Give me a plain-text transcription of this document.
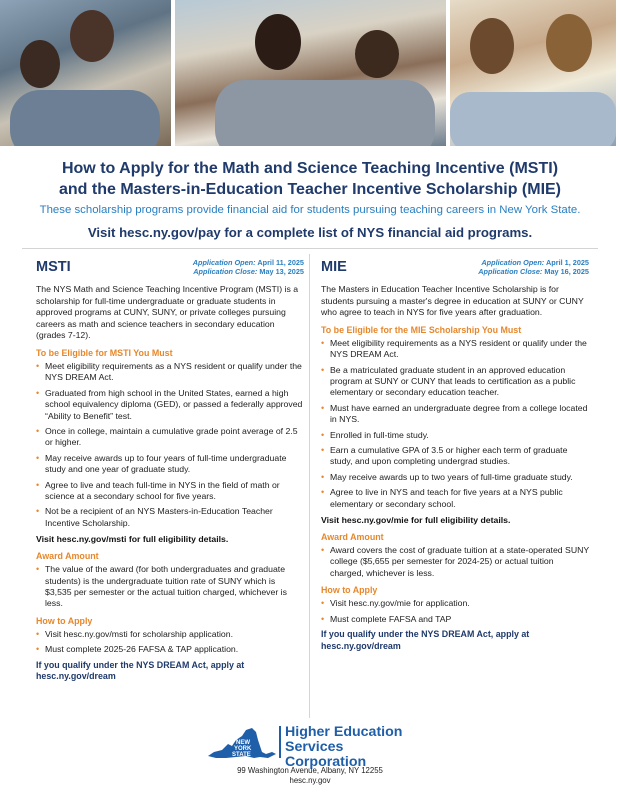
How to Apply for the Math and Science Teaching Incentive (MSTI)
and the Masters-in-Education Teacher Incentive Scholarship (MIE)
These scholarship programs provide financial aid for students pursuing teaching careers in New York State.
Visit hesc.ny.gov/pay for a complete list of NYS financial aid programs.
MSTI	Application Open: April 11, 2025
Application Close: May 13, 2025

The NYS Math and Science Teaching Incentive Program (MSTI) is a scholarship for full-time undergraduate or graduate students in approved programs at CUNY, SUNY, or private colleges pursuing careers as math and science teachers in secondary education (grades 7-12).

To be Eligible for MSTI You Must
• Meet eligibility requirements as a NYS resident or qualify under the NYS DREAM Act.
• Graduated from high school in the United States, earned a high school equivalency diploma (GED), or passed a federally approved “Ability to Benefit” test.
• Once in college, maintain a cumulative grade point average of 2.5 or higher.
• May receive awards up to four years of full-time undergraduate study and one year of graduate study.
• Agree to live and teach full-time in NYS in the field of math or science at a secondary school for five years.
• Not be a recipient of an NYS Masters-in-Education Teacher Incentive Scholarship.
Visit hesc.ny.gov/msti for full eligibility details.
Award Amount
• The value of the award (for both undergraduates and graduate students) is the undergraduate tuition rate of SUNY which is $3,535 per semester or the actual tuition charged, whichever is less.
How to Apply
• Visit hesc.ny.gov/msti for scholarship application.
• Must complete 2025-26 FAFSA & TAP application.
If you qualify under the NYS DREAM Act, apply at hesc.ny.gov/dream
MIE	Application Open: April 1, 2025
Application Close: May 16, 2025

The Masters in Education Teacher Incentive Scholarship is for students pursuing a master's degree in education at SUNY or CUNY who agree to teach in NYS for five years after graduation.

To be Eligible for the MIE Scholarship You Must
• Meet eligibility requirements as a NYS resident or qualify under the NYS DREAM Act.
• Be a matriculated graduate student in an approved education program at SUNY or CUNY that leads to certification as a public elementary or secondary education teacher.
• Must have earned an undergraduate degree from a college located in NYS.
• Enrolled in full-time study.
• Earn a cumulative GPA of 3.5 or higher each term of graduate study, and upon completing undergrad studies.
• May receive awards up to two years of full-time graduate study.
• Agree to live in NYS and teach for five years at a NYS public elementary or secondary school.
Visit hesc.ny.gov/mie for full eligibility details.
Award Amount
• Award covers the cost of graduate tuition at a state-operated SUNY college ($5,655 per semester for 2024-25) or actual tuition charged, whichever is less.
How to Apply
• Visit hesc.ny.gov/mie for application.
• Must complete FAFSA and TAP
If you qualify under the NYS DREAM Act, apply at hesc.ny.gov/dream
NEW
YORK
STATE
Higher Education
Services Corporation
99 Washington Avenue, Albany, NY 12255
hesc.ny.gov
